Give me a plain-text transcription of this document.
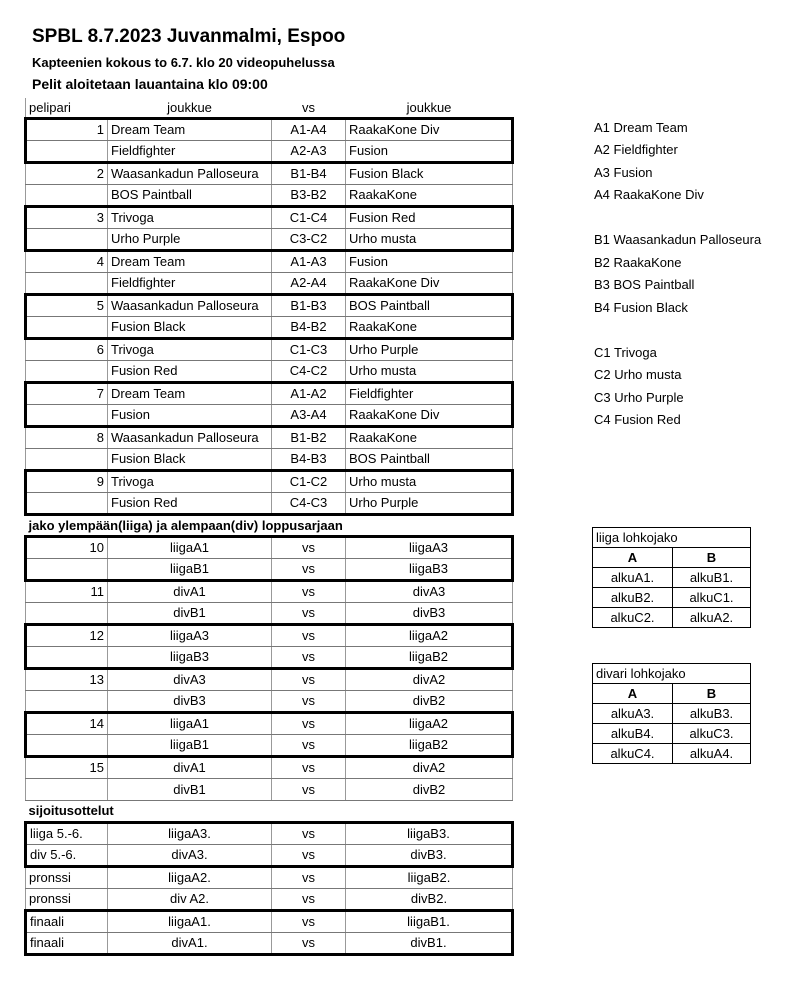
SPBL 8.7.2023 Juvanmalmi, Espoo
Kapteenien kokous to 6.7. klo 20 videopuhelussa
Pelit aloitetaan lauantaina klo 09:00
pelipari	joukkue	vs	joukkue
1	Dream Team	A1-A4	RaakaKone Div
	Fieldfighter	A2-A3	Fusion
2	Waasankadun Palloseura	B1-B4	Fusion Black
	BOS Paintball	B3-B2	RaakaKone
3	Trivoga	C1-C4	Fusion Red
	Urho Purple	C3-C2	Urho musta
4	Dream Team	A1-A3	Fusion
	Fieldfighter	A2-A4	RaakaKone Div
5	Waasankadun Palloseura	B1-B3	BOS Paintball
	Fusion Black	B4-B2	RaakaKone
6	Trivoga	C1-C3	Urho Purple
	Fusion Red	C4-C2	Urho musta
7	Dream Team	A1-A2	Fieldfighter
	Fusion	A3-A4	RaakaKone Div
8	Waasankadun Palloseura	B1-B2	RaakaKone
	Fusion Black	B4-B3	BOS Paintball
9	Trivoga	C1-C2	Urho musta
	Fusion Red	C4-C3	Urho Purple
jako ylempään(liiga) ja alempaan(div) loppusarjaan			
10	liigaA1	vs	liigaA3
	liigaB1	vs	liigaB3
11	divA1	vs	divA3
	divB1	vs	divB3
12	liigaA3	vs	liigaA2
	liigaB3	vs	liigaB2
13	divA3	vs	divA2
	divB3	vs	divB2
14	liigaA1	vs	liigaA2
	liigaB1	vs	liigaB2
15	divA1	vs	divA2
	divB1	vs	divB2
sijoitusottelut			
liiga 5.-6.	liigaA3.	vs	liigaB3.
div 5.-6.	divA3.	vs	divB3.
pronssi	liigaA2.	vs	liigaB2.
pronssi	div A2.	vs	divB2.
finaali	liigaA1.	vs	liigaB1.
finaali	divA1.	vs	divB1.
A1 Dream Team
A2 Fieldfighter
A3 Fusion
A4 RaakaKone Div
B1 Waasankadun Palloseura
B2 RaakaKone
B3 BOS Paintball
B4 Fusion Black
C1 Trivoga
C2 Urho musta
C3 Urho Purple
C4 Fusion Red
liiga lohkojako	
A	B
alkuA1.	alkuB1.
alkuB2.	alkuC1.
alkuC2.	alkuA2.
divari lohkojako	
A	B
alkuA3.	alkuB3.
alkuB4.	alkuC3.
alkuC4.	alkuA4.
